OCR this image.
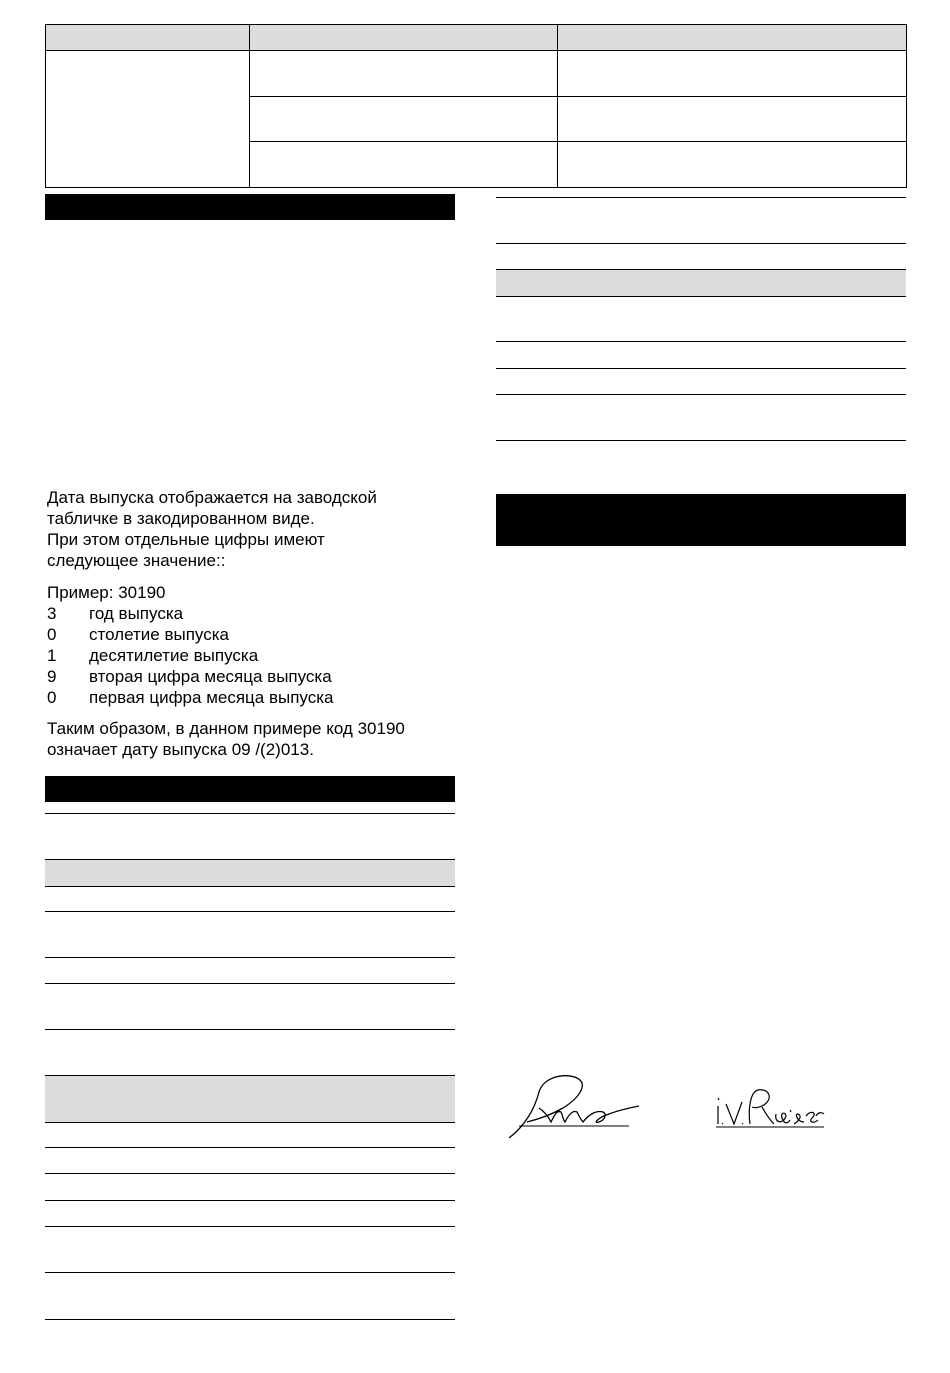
Дата выпуска отображается на заводской
табличке в закодированном виде.
При этом отдельные цифры имеют
следующее значение::

Пример: 30190

3	год выпуска
0	столетие выпуска
1	десятилетие выпуска
9	вторая цифра месяца выпуска
0	первая цифра месяца выпуска

Таким образом, в данном примере код 30190
означает дату выпуска 09 /(2)013.
